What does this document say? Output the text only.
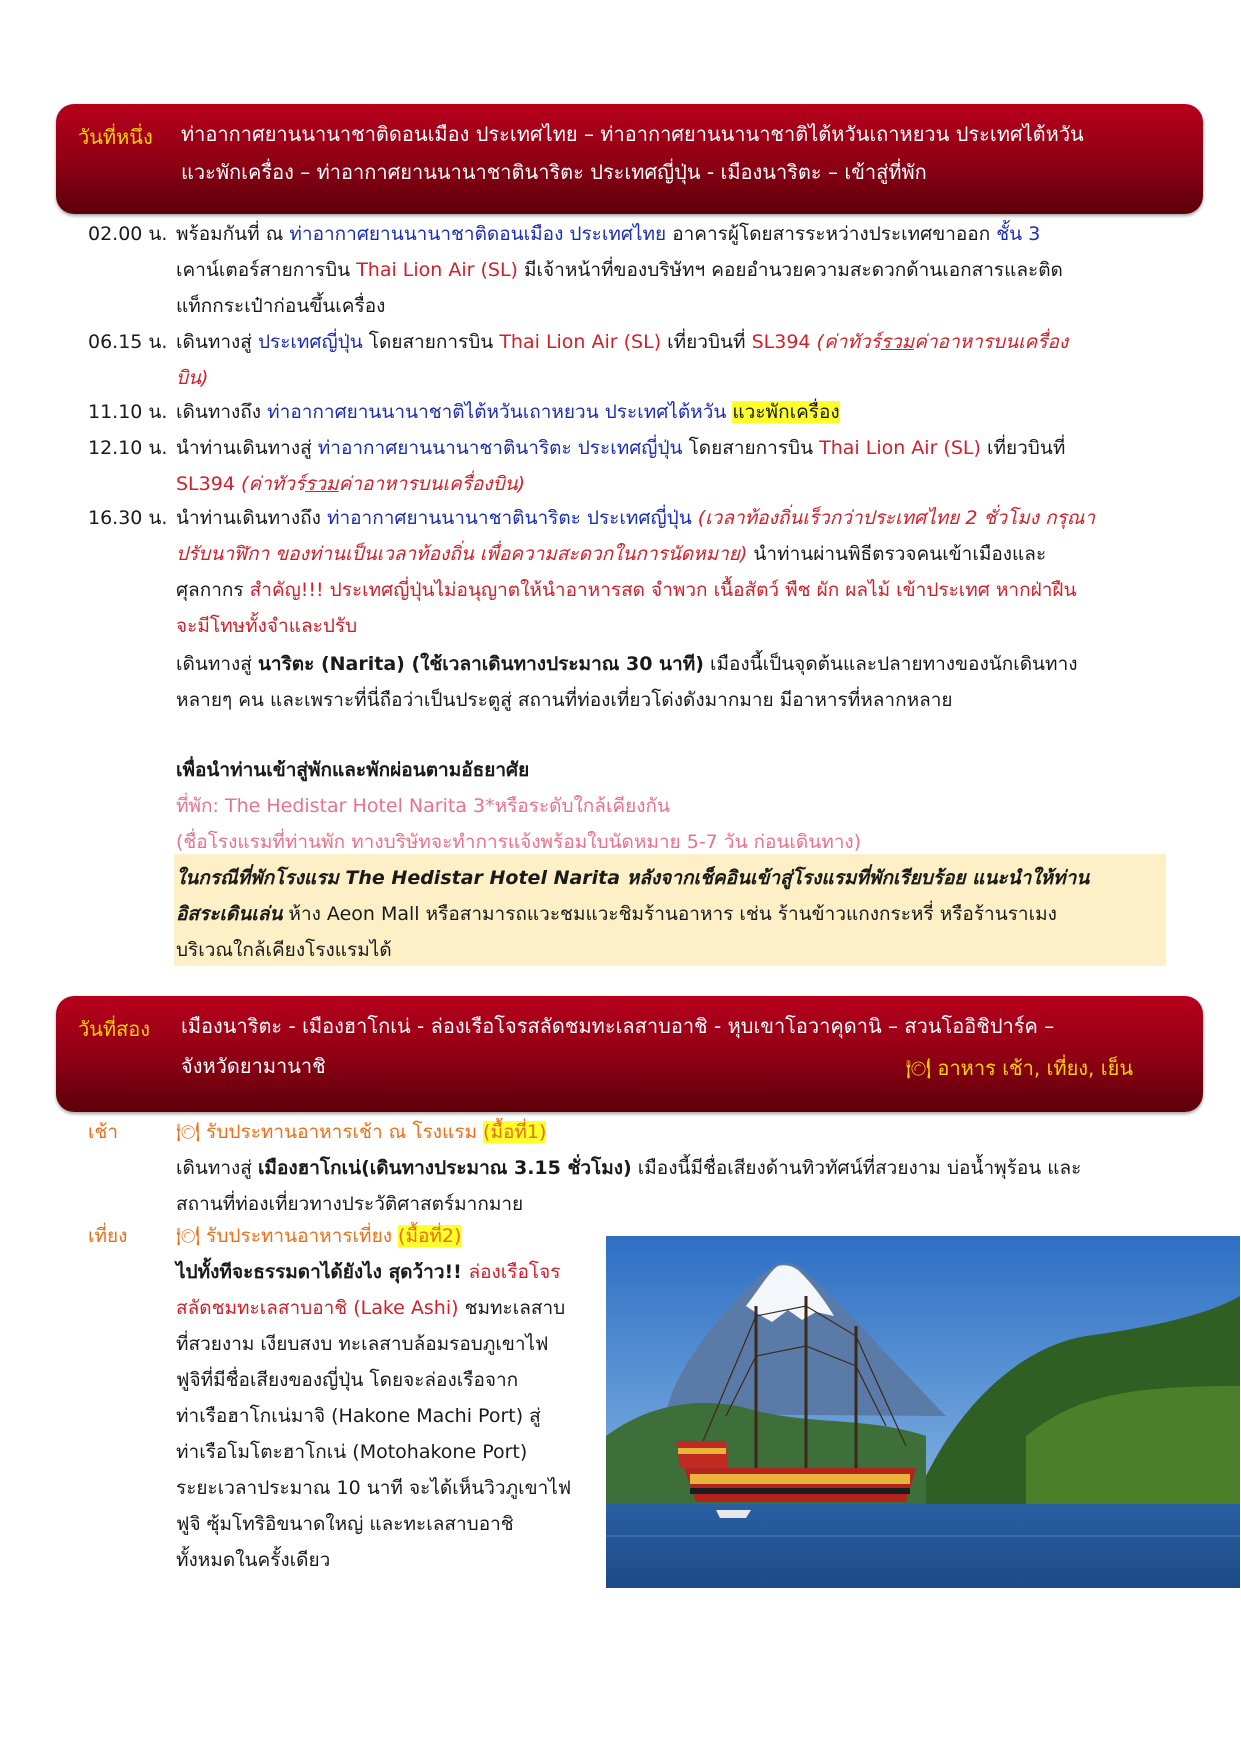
วันที่หนึ่ง ท่าอากาศยานนานาชาติดอนเมือง ประเทศไทย – ท่าอากาศยานนานาชาติไต้หวันเถาหยวน ประเทศไต้หวัน
แวะพักเครื่อง – ท่าอากาศยานนานาชาตินาริตะ ประเทศญี่ปุ่น - เมืองนาริตะ – เข้าสู่ที่พัก
02.00 น. พร้อมกันที่ ณ ท่าอากาศยานนานาชาติดอนเมือง ประเทศไทย อาคารผู้โดยสารระหว่างประเทศขาออก ชั้น 3
เคาน์เตอร์สายการบิน Thai Lion Air (SL) มีเจ้าหน้าที่ของบริษัทฯ คอยอำนวยความสะดวกด้านเอกสารและติด
แท็กกระเป๋าก่อนขึ้นเครื่อง
06.15 น. เดินทางสู่ ประเทศญี่ปุ่น โดยสายการบิน Thai Lion Air (SL) เที่ยวบินที่ SL394 (ค่าทัวร์รวมค่าอาหารบนเครื่อง
บิน)
11.10 น. เดินทางถึง ท่าอากาศยานนานาชาติไต้หวันเถาหยวน ประเทศไต้หวัน แวะพักเครื่อง
12.10 น. นำท่านเดินทางสู่ ท่าอากาศยานนานาชาตินาริตะ ประเทศญี่ปุ่น โดยสายการบิน Thai Lion Air (SL) เที่ยวบินที่
SL394 (ค่าทัวร์รวมค่าอาหารบนเครื่องบิน)
16.30 น. นำท่านเดินทางถึง ท่าอากาศยานนานาชาตินาริตะ ประเทศญี่ปุ่น (เวลาท้องถิ่นเร็วกว่าประเทศไทย 2 ชั่วโมง กรุณา
ปรับนาฬิกา ของท่านเป็นเวลาท้องถิ่น เพื่อความสะดวกในการนัดหมาย) นำท่านผ่านพิธีตรวจคนเข้าเมืองและ
ศุลกากร สำคัญ!!! ประเทศญี่ปุ่นไม่อนุญาตให้นำอาหารสด จำพวก เนื้อสัตว์ พืช ผัก ผลไม้ เข้าประเทศ หากฝ่าฝืน
จะมีโทษทั้งจำและปรับ
เดินทางสู่ นาริตะ (Narita) (ใช้เวลาเดินทางประมาณ 30 นาที) เมืองนี้เป็นจุดต้นและปลายทางของนักเดินทาง
หลายๆ คน และเพราะที่นี่ถือว่าเป็นประตูสู่ สถานที่ท่องเที่ยวโด่งดังมากมาย มีอาหารที่หลากหลาย
เพื่อนำท่านเข้าสู่พักและพักผ่อนตามอัธยาศัย
ที่พัก: The Hedistar Hotel Narita 3*หรือระดับใกล้เคียงกัน
(ชื่อโรงแรมที่ท่านพัก ทางบริษัทจะทำการแจ้งพร้อมใบนัดหมาย 5-7 วัน ก่อนเดินทาง)
ในกรณีที่พักโรงแรม The Hedistar Hotel Narita หลังจากเช็คอินเข้าสู่โรงแรมที่พักเรียบร้อย แนะนำให้ท่าน
อิสระเดินเล่น ห้าง Aeon Mall หรือสามารถแวะชมแวะชิมร้านอาหาร เช่น ร้านข้าวแกงกระหรี่ หรือร้านราเมง
บริเวณใกล้เคียงโรงแรมได้
วันที่สอง เมืองนาริตะ - เมืองฮาโกเน่ - ล่องเรือโจรสลัดชมทะเลสาบอาชิ - หุบเขาโอวาคุดานิ – สวนโออิชิปาร์ค –
จังหวัดยามานาชิ	🍽 อาหาร เช้า, เที่ยง, เย็น
เช้า	🍽 รับประทานอาหารเช้า ณ โรงแรม (มื้อที่1)
เดินทางสู่ เมืองฮาโกเน่(เดินทางประมาณ 3.15 ชั่วโมง) เมืองนี้มีชื่อเสียงด้านทิวทัศน์ที่สวยงาม บ่อน้ำพุร้อน และ
สถานที่ท่องเที่ยวทางประวัติศาสตร์มากมาย
เที่ยง	🍽 รับประทานอาหารเที่ยง (มื้อที่2)
ไปทั้งทีจะธรรมดาได้ยังไง สุดว้าว!! ล่องเรือโจร
สลัดชมทะเลสาบอาชิ (Lake Ashi) ชมทะเลสาบ
ที่สวยงาม เงียบสงบ ทะเลสาบล้อมรอบภูเขาไฟ
ฟูจิที่มีชื่อเสียงของญี่ปุ่น โดยจะล่องเรือจาก
ท่าเรือฮาโกเน่มาจิ (Hakone Machi Port) สู่
ท่าเรือโมโตะฮาโกเน่ (Motohakone Port)
ระยะเวลาประมาณ 10 นาที จะได้เห็นวิวภูเขาไฟ
ฟูจิ ซุ้มโทริอิขนาดใหญ่ และทะเลสาบอาชิ
ทั้งหมดในครั้งเดียว
